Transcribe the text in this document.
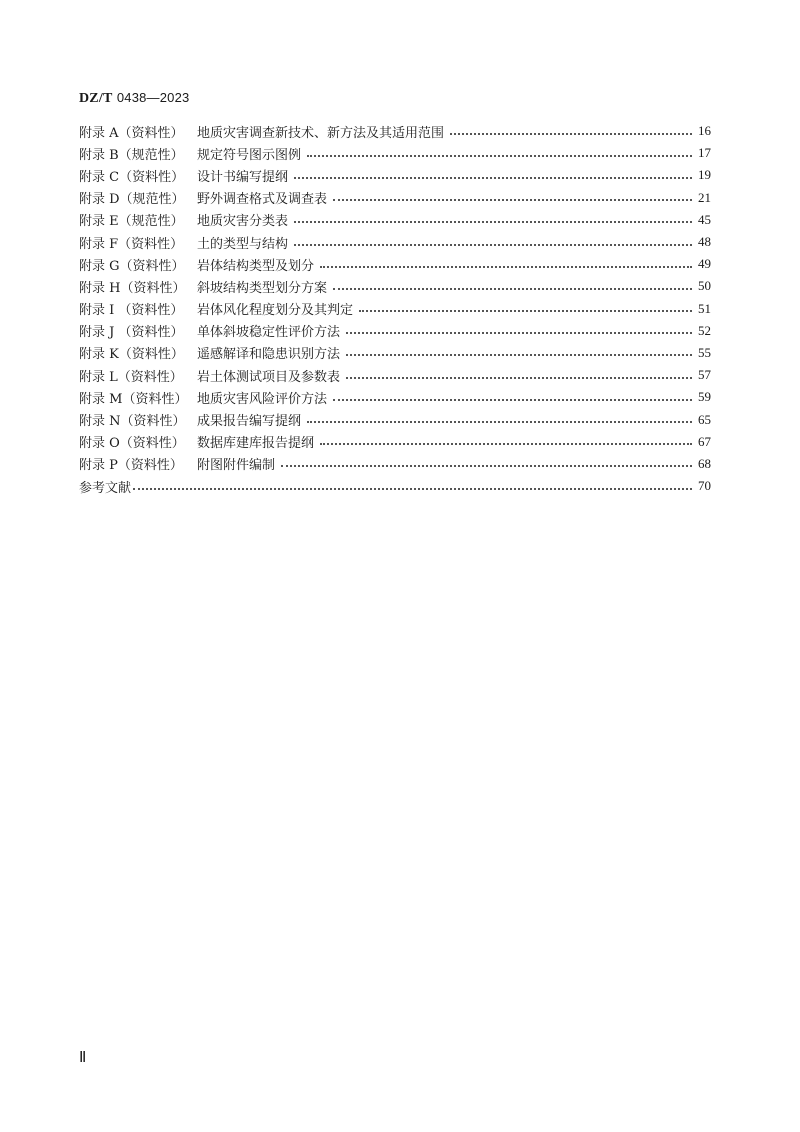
DZ/T 0438—2023
附录 A（资料性）	地质灾害调查新技术、新方法及其适用范围	16
附录 B（规范性）	规定符号图示图例	17
附录 C（资料性） 设计书编写提纲	19
附录 D（规范性） 野外调查格式及调查表	21
附录 E（规范性）	地质灾害分类表	45
附录 F（资料性）	土的类型与结构	48
附录 G（资料性） 岩体结构类型及划分	49
附录 H（资料性） 斜坡结构类型划分方案	50
附录 I （资料性）	岩体风化程度划分及其判定	51
附录 J （资料性）	单体斜坡稳定性评价方法	52
附录 K（资料性）	遥感解译和隐患识别方法	55
附录 L（资料性）	岩土体测试项目及参数表	57
附录 M（资料性） 地质灾害风险评价方法	59
附录 N（资料性） 成果报告编写提纲	65
附录 O（资料性） 数据库建库报告提纲	67
附录 P（资料性）	附图附件编制	68
参考文献	70
Ⅱ
